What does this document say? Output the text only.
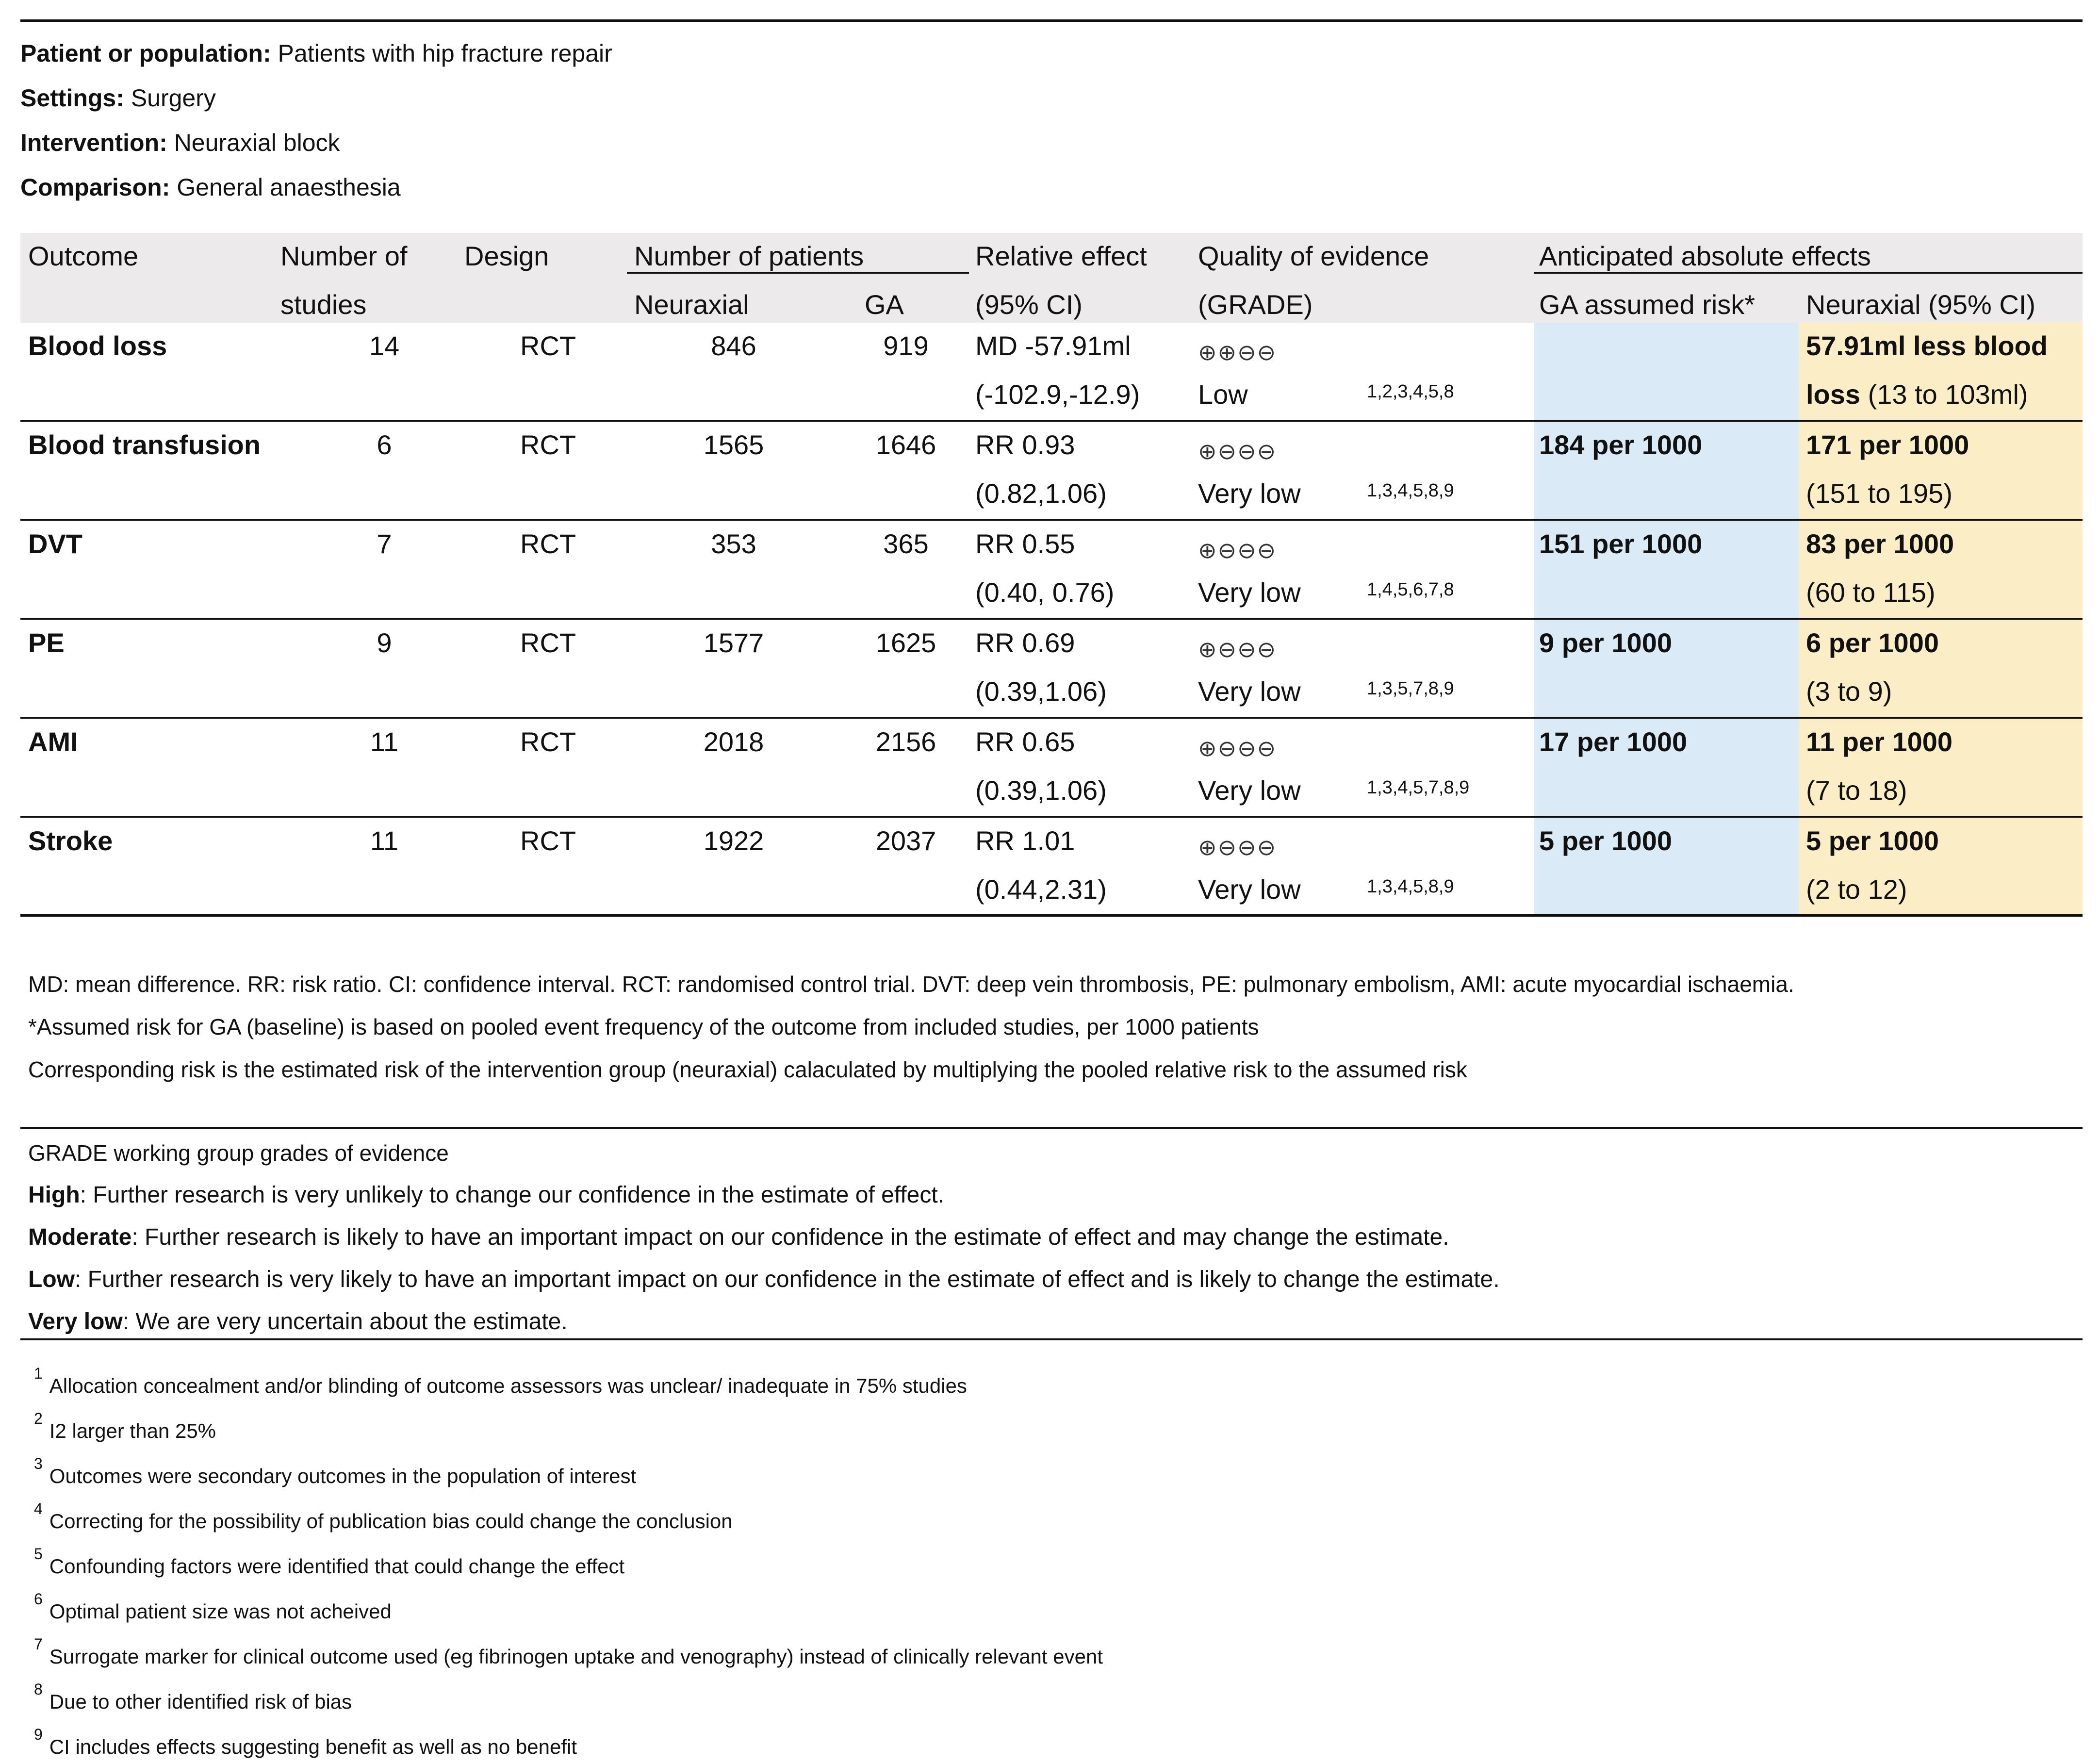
Patient or population: Patients with hip fracture repair
Settings: Surgery
Intervention: Neuraxial block
Comparison: General anaesthesia
Outcome	Number of
studies
Design	Number of patients
Neuraxial	GA
Relative effect
(95% CI)
Quality of evidence
(GRADE)
Anticipated absolute effects
GA assumed risk* Neuraxial (95% CI)
Blood loss	14	RCT	846	919	MD -57.91ml
(-102.9,-12.9)
⊕⊕⊖⊖
Low	1,2,3,4,5,8
57.91ml less blood
loss (13 to 103ml)
Blood transfusion	6	RCT	1565	1646	RR 0.93
(0.82,1.06)
⊕⊖⊖⊖
Very low	1,3,4,5,8,9
184 per 1000	171 per 1000
(151 to 195)
DVT	7	RCT	353	365	RR 0.55
(0.40, 0.76)
⊕⊖⊖⊖
Very low	1,4,5,6,7,8
151 per 1000	83 per 1000
(60 to 115)
PE	9	RCT	1577	1625	RR 0.69
(0.39,1.06)
⊕⊖⊖⊖
Very low	1,3,5,7,8,9
9 per 1000	6 per 1000
(3 to 9)
AMI	11	RCT	2018	2156	RR 0.65
(0.39,1.06)
⊕⊖⊖⊖
Very low	1,3,4,5,7,8,9
17 per 1000	11 per 1000
(7 to 18)
Stroke	11	RCT	1922	2037	RR 1.01
(0.44,2.31)
⊕⊖⊖⊖
Very low	1,3,4,5,8,9
5 per 1000	5 per 1000
(2 to 12)
MD: mean difference. RR: risk ratio. CI: confidence interval. RCT: randomised control trial. DVT: deep vein thrombosis, PE: pulmonary embolism, AMI: acute myocardial ischaemia.
*Assumed risk for GA (baseline) is based on pooled event frequency of the outcome from included studies, per 1000 patients
Corresponding risk is the estimated risk of the intervention group (neuraxial) calaculated by multiplying the pooled relative risk to the assumed risk
GRADE working group grades of evidence
High: Further research is very unlikely to change our confidence in the estimate of effect.
Moderate: Further research is likely to have an important impact on our confidence in the estimate of effect and may change the estimate.
Low: Further research is very likely to have an important impact on our confidence in the estimate of effect and is likely to change the estimate.
Very low: We are very uncertain about the estimate.
$^1$Allocation concealment and/or blinding of outcome assessors was unclear/ inadequate in 75% studies
$^2$I2 larger than 25%
$^3$Outcomes were secondary outcomes in the population of interest
$^4$Correcting for the possibility of publication bias could change the conclusion
$^5$Confounding factors were identified that could change the effect
$^6$Optimal patient size was not acheived
$^7$Surrogate marker for clinical outcome used (eg fibrinogen uptake and venography) instead of clinically relevant event
$^8$Due to other identified risk of bias
$^9$CI includes effects suggesting benefit as well as no benefit
